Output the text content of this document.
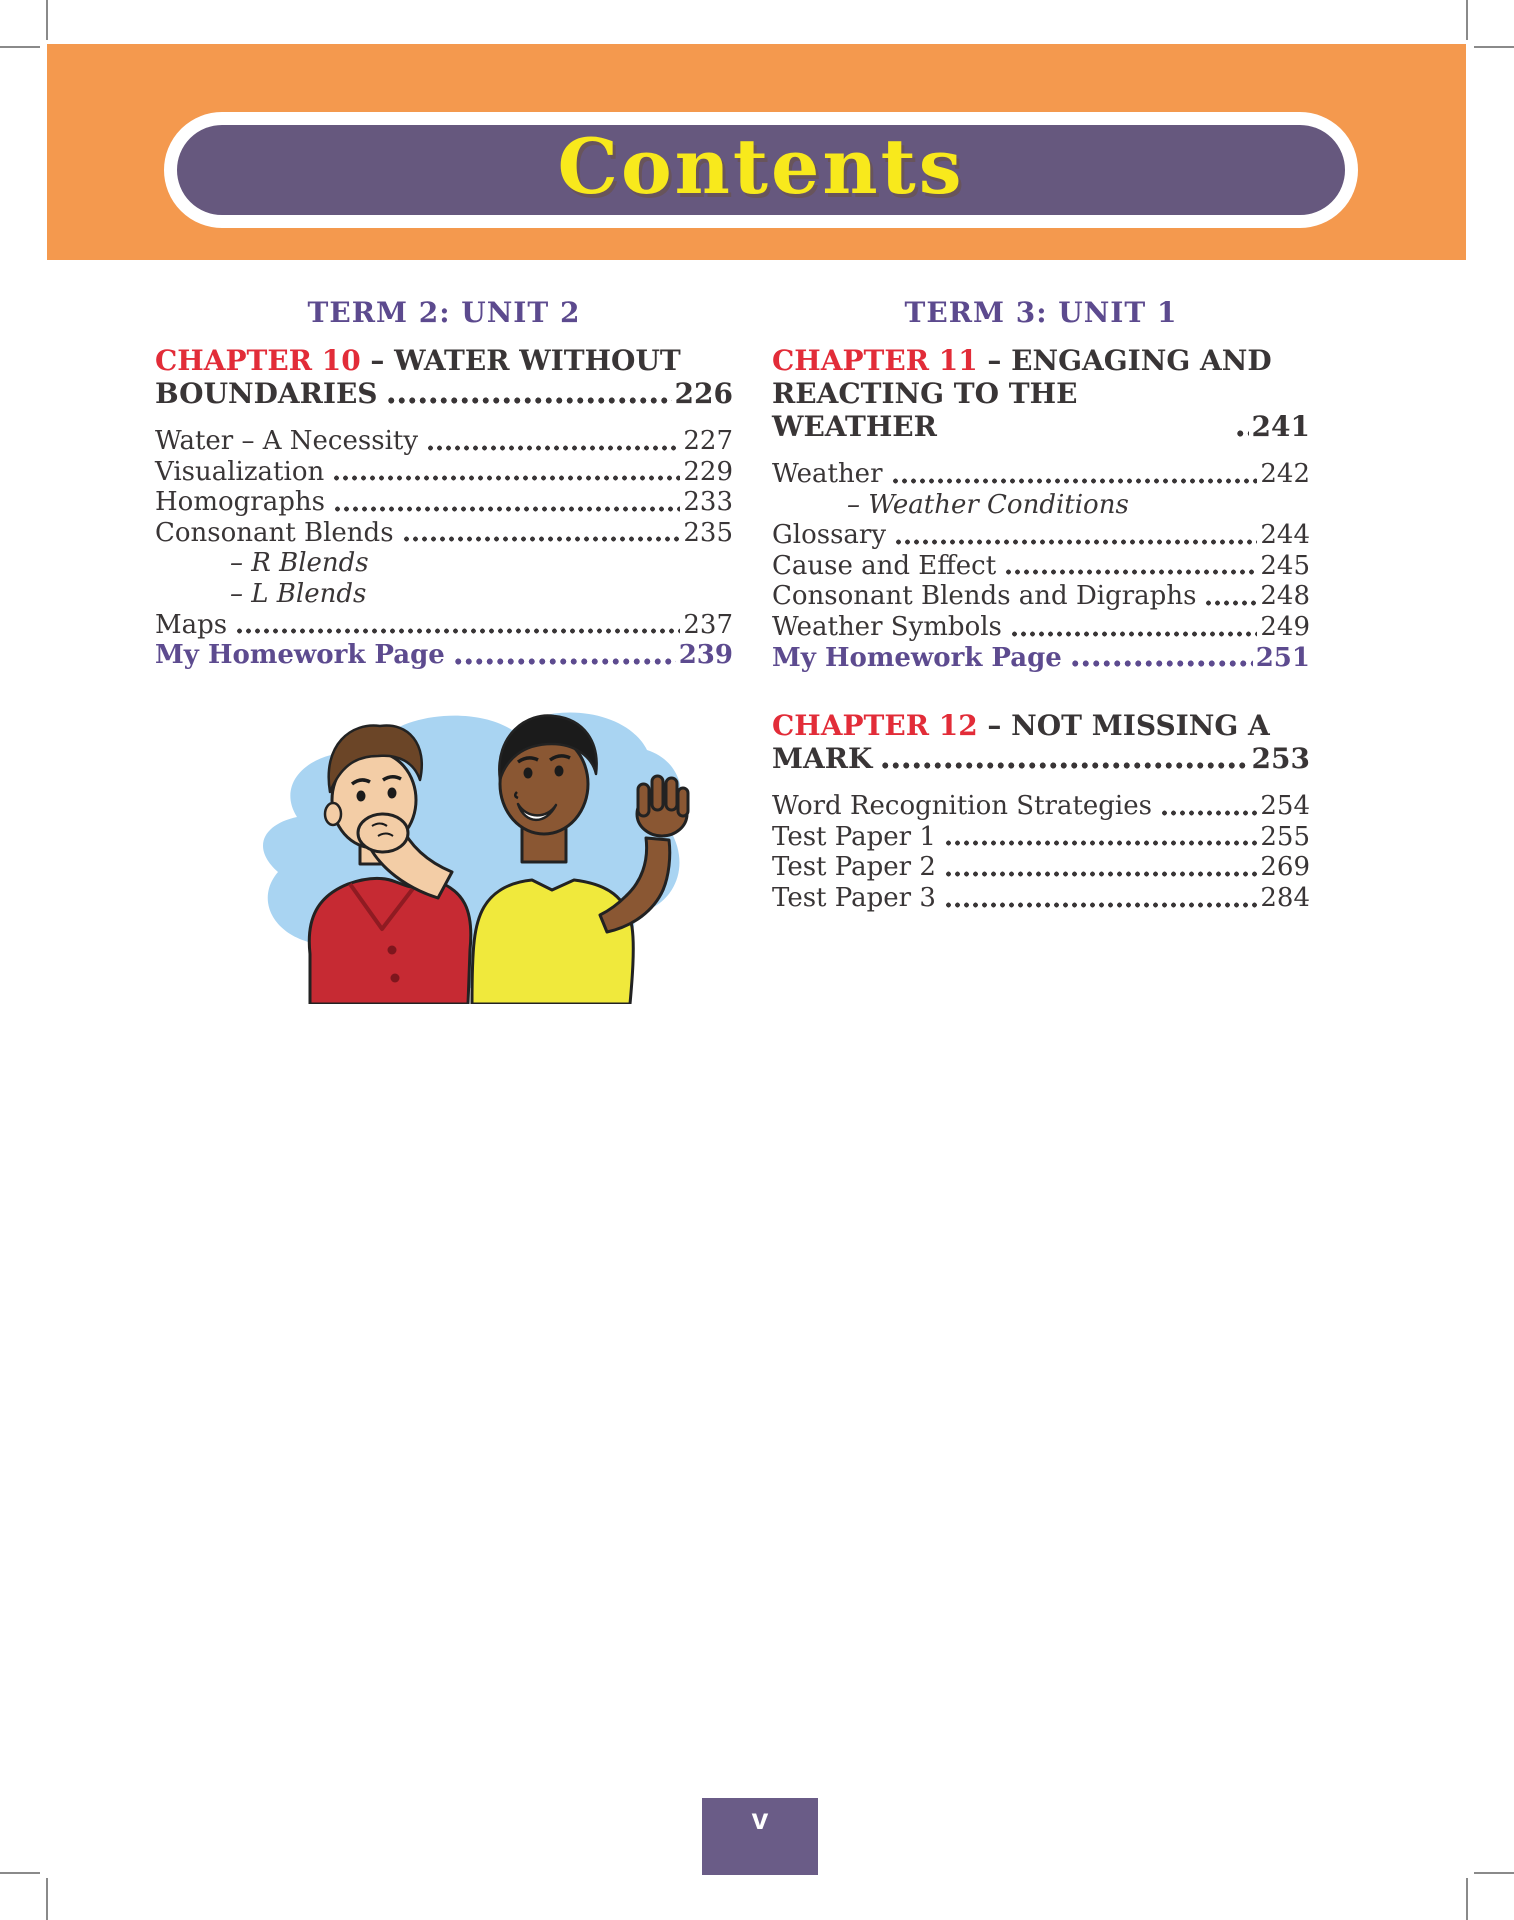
Contents
TERM 2: UNIT 2
CHAPTER 10 – WATER WITHOUT
BOUNDARIES	226
Water – A Necessity	227
Visualization	229
Homographs	233
Consonant Blends	235
– R Blends
– L Blends
Maps	237
My Homework Page	239
TERM 3: UNIT 1
CHAPTER 11 – ENGAGING AND
REACTING TO THE WEATHER	241
Weather	242
– Weather Conditions
Glossary	244
Cause and Effect	245
Consonant Blends and Digraphs 248
Weather Symbols	249
My Homework Page	251
CHAPTER 12 – NOT MISSING A
MARK	253
Word Recognition Strategies	254
Test Paper 1	255
Test Paper 2	269
Test Paper 3	284
v
